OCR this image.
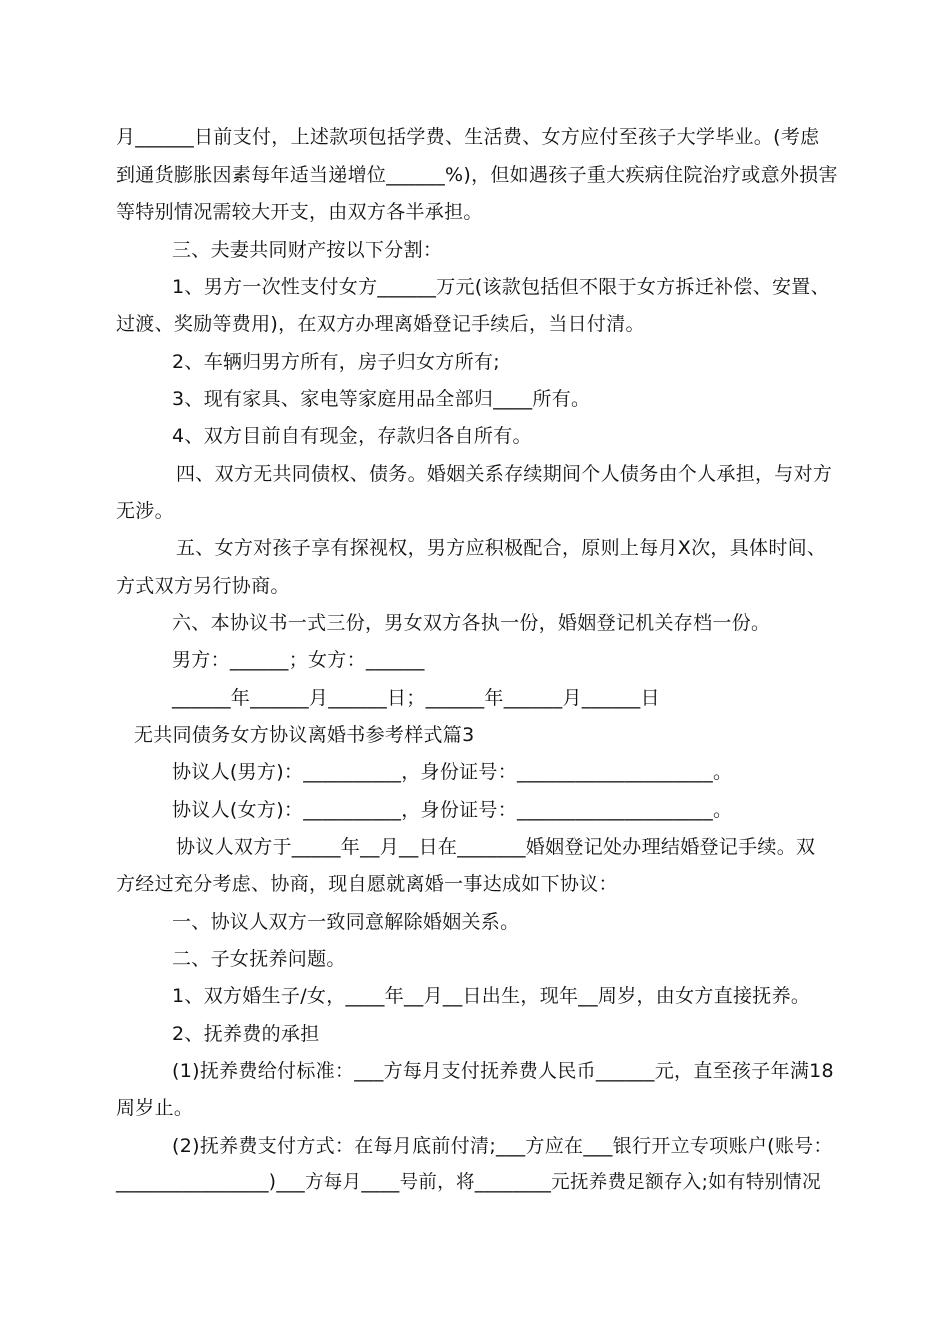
月______日前支付，上述款项包括学费、生活费、女方应付至孩子大学毕业。(考虑
到通货膨胀因素每年适当递增位______%)，但如遇孩子重大疾病住院治疗或意外损害
等特别情况需较大开支，由双方各半承担。
三、夫妻共同财产按以下分割：
1、男方一次性支付女方______万元(该款包括但不限于女方拆迁补偿、安置、
过渡、奖励等费用)，在双方办理离婚登记手续后，当日付清。
2、车辆归男方所有，房子归女方所有;
3、现有家具、家电等家庭用品全部归____所有。
4、双方目前自有现金，存款归各自所有。
四、双方无共同债权、债务。婚姻关系存续期间个人债务由个人承担，与对方
无涉。
五、女方对孩子享有探视权，男方应积极配合，原则上每月X次，具体时间、
方式双方另行协商。
六、本协议书一式三份，男女双方各执一份，婚姻登记机关存档一份。
男方：______；女方：______
______年______月______日；______年______月______日
无共同债务女方协议离婚书参考样式篇3
协议人(男方)：__________，身份证号：____________________。
协议人(女方)：__________，身份证号：____________________。
协议人双方于_____年__月__日在_______婚姻登记处办理结婚登记手续。双
方经过充分考虑、协商，现自愿就离婚一事达成如下协议：
一、协议人双方一致同意解除婚姻关系。
二、子女抚养问题。
1、双方婚生子/女，____年__月__日出生，现年__周岁，由女方直接抚养。
2、抚养费的承担
(1)抚养费给付标准：___方每月支付抚养费人民币______元，直至孩子年满18
周岁止。
(2)抚养费支付方式：在每月底前付清;___方应在___银行开立专项账户(账号：
________________)___方每月____号前，将________元抚养费足额存入;如有特别情况
